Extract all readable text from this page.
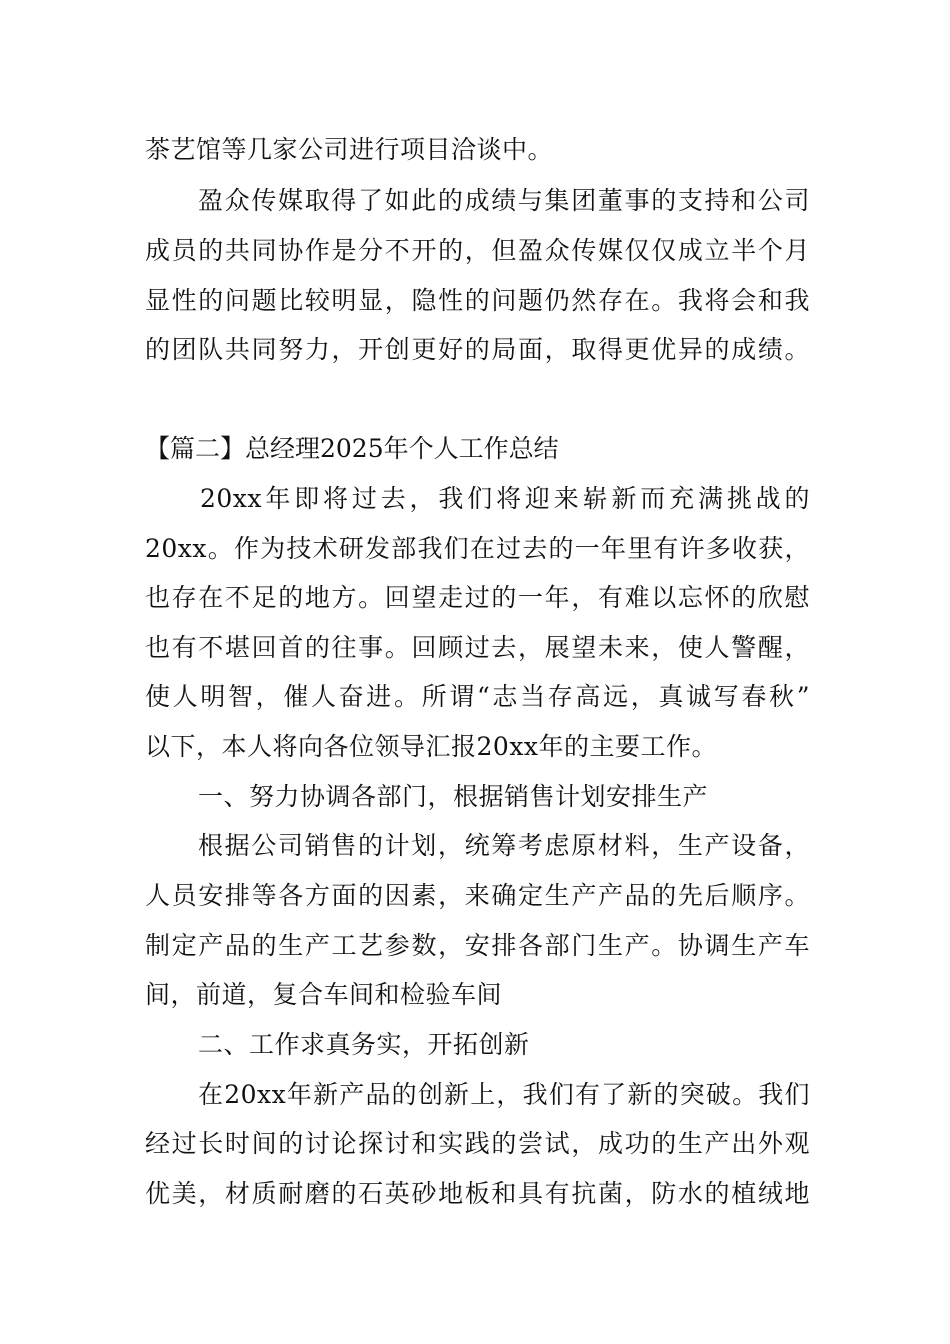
茶艺馆等几家公司进行项目洽谈中。
盈众传媒取得了如此的成绩与集团董事的支持和公司
成员的共同协作是分不开的，但盈众传媒仅仅成立半个月
显性的问题比较明显，隐性的问题仍然存在。我将会和我
的团队共同努力，开创更好的局面，取得更优异的成绩。
【篇二】总经理2025年个人工作总结
20xx年即将过去，我们将迎来崭新而充满挑战的
20xx。作为技术研发部我们在过去的一年里有许多收获，
也存在不足的地方。回望走过的一年，有难以忘怀的欣慰
也有不堪回首的往事。回顾过去，展望未来，使人警醒，
使人明智，催人奋进。所谓“志当存高远，真诚写春秋”
以下，本人将向各位领导汇报20xx年的主要工作。
一、努力协调各部门，根据销售计划安排生产
根据公司销售的计划，统筹考虑原材料，生产设备，
人员安排等各方面的因素，来确定生产产品的先后顺序。
制定产品的生产工艺参数，安排各部门生产。协调生产车
间，前道，复合车间和检验车间
二、工作求真务实，开拓创新
在20xx年新产品的创新上，我们有了新的突破。我们
经过长时间的讨论探讨和实践的尝试，成功的生产出外观
优美，材质耐磨的石英砂地板和具有抗菌，防水的植绒地
